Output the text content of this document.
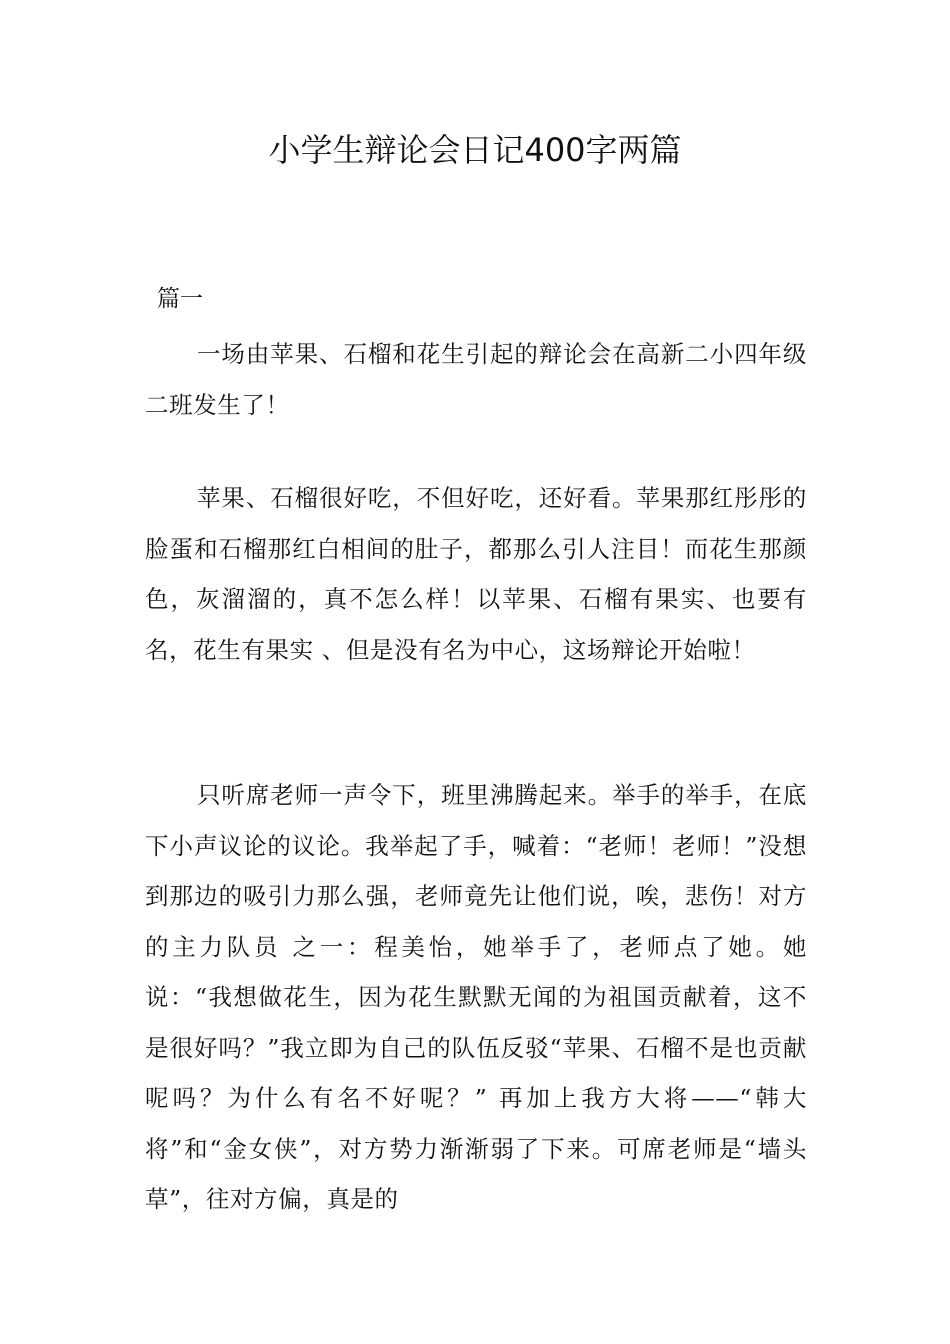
小学生辩论会日记400字两篇
篇一

一场由苹果、石榴和花生引起的辩论会在高新二小四年级二班发生了！

苹果、石榴很好吃，不但好吃，还好看。苹果那红彤彤的脸蛋和石榴那红白相间的肚子，都那么引人注目！而花生那颜色，灰溜溜的，真不怎么样！以苹果、石榴有果实、也要有名，花生有果实 、但是没有名为中心，这场辩论开始啦！

只听席老师一声令下，班里沸腾起来。举手的举手，在底下小声议论的议论。我举起了手，喊着：“老师！老师！”没想到那边的吸引力那么强，老师竟先让他们说，唉，悲伤！对方的主力队员 之一：程美怡，她举手了，老师点了她。她说：“我想做花生，因为花生默默无闻的为祖国贡献着，这不是很好吗？”我立即为自己的队伍反驳“苹果、石榴不是也贡献呢吗？为什么有名不好呢？” 再加上我方大将——“韩大将”和“金女侠”，对方势力渐渐弱了下来。可席老师是“墙头草”，往对方偏，真是的
